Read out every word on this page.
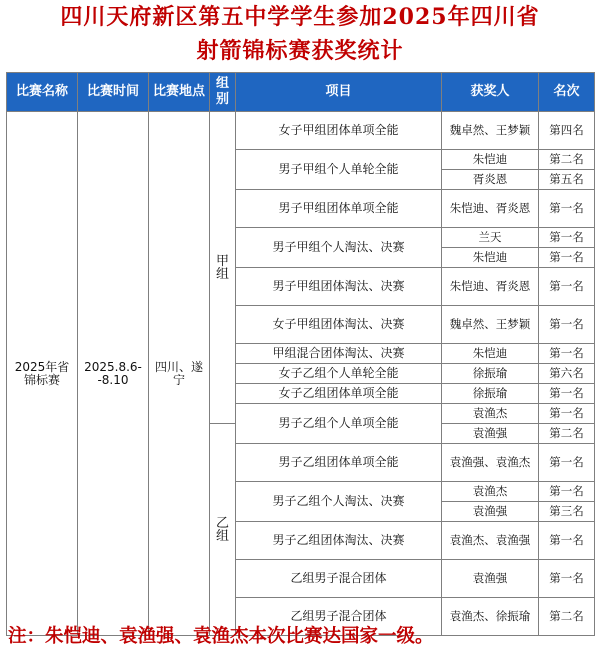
四川天府新区第五中学学生参加2025年四川省
射箭锦标赛获奖统计
比赛名称	比赛时间	比赛地点	组别	项目	获奖人	名次
2025年省锦标赛	2025.8.6--8.10	四川、遂宁	甲组	女子甲组团体单项全能	魏卓然、王梦颖	第四名
				男子甲组个人单轮全能	朱恺迪	第二名
					胥炎恩	第五名
				男子甲组团体单项全能	朱恺迪、胥炎恩	第一名
				男子甲组个人淘汰、决赛	兰天	第一名
					朱恺迪	第一名
				男子甲组团体淘汰、决赛	朱恺迪、胥炎恩	第一名
				女子甲组团体淘汰、决赛	魏卓然、王梦颖	第一名
				甲组混合团体淘汰、决赛	朱恺迪	第一名
				女子乙组个人单轮全能	徐振瑜	第六名
				女子乙组团体单项全能	徐振瑜	第一名
				男子乙组个人单项全能	袁渔杰	第一名
			乙组		袁渔强	第二名
				男子乙组团体单项全能	袁渔强、袁渔杰	第一名
				男子乙组个人淘汰、决赛	袁渔杰	第一名
					袁渔强	第三名
				男子乙组团体淘汰、决赛	袁渔杰、袁渔强	第一名
				乙组男子混合团体	袁渔强	第一名
				乙组男子混合团体	袁渔杰、徐振瑜	第二名
注：朱恺迪、袁渔强、袁渔杰本次比赛达国家一级。
